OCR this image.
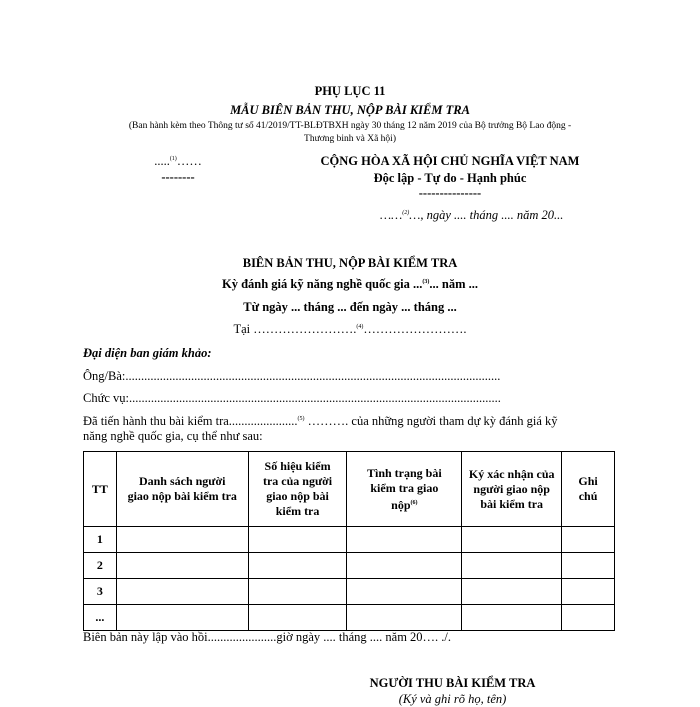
PHỤ LỤC 11
MẪU BIÊN BẢN THU, NỘP BÀI KIỂM TRA
(Ban hành kèm theo Thông tư số 41/2019/TT-BLĐTBXH ngày 30 tháng 12 năm 2019 của Bộ trưởng Bộ Lao động -
Thương binh và Xã hội)
.....$^{(1)}$……
--------
CỘNG HÒA XÃ HỘI CHỦ NGHĨA VIỆT NAM
Độc lập - Tự do - Hạnh phúc
---------------
……$^{(2)}$…, ngày .... tháng .... năm 20...
BIÊN BẢN THU, NỘP BÀI KIỂM TRA
Kỳ đánh giá kỹ năng nghề quốc gia ...$^{(3)}$... năm ...
Từ ngày ... tháng ... đến ngày ... tháng ...
Tại …………………….$^{(4)}$…………………….
Đại diện ban giám khảo:
Ông/Bà:........................................................................................................................
Chức vụ:.......................................................................................................................
Đã tiến hành thu bài kiểm tra......................$^{(5)}$ ………. của những người tham dự kỳ đánh giá kỹ
năng nghề quốc gia, cụ thể như sau:
TT	Danh sách người giao nộp bài kiểm tra	Số hiệu kiểm tra của người giao nộp bài kiểm tra	Tình trạng bài kiểm tra giao nộp$^{(6)}$	Ký xác nhận của người giao nộp bài kiểm tra	Ghi chú

1					
2					
3					
...					
Biên bản này lập vào hồi......................giờ ngày .... tháng .... năm 20…. ./.
NGƯỜI THU BÀI KIỂM TRA
(Ký và ghi rõ họ, tên)
